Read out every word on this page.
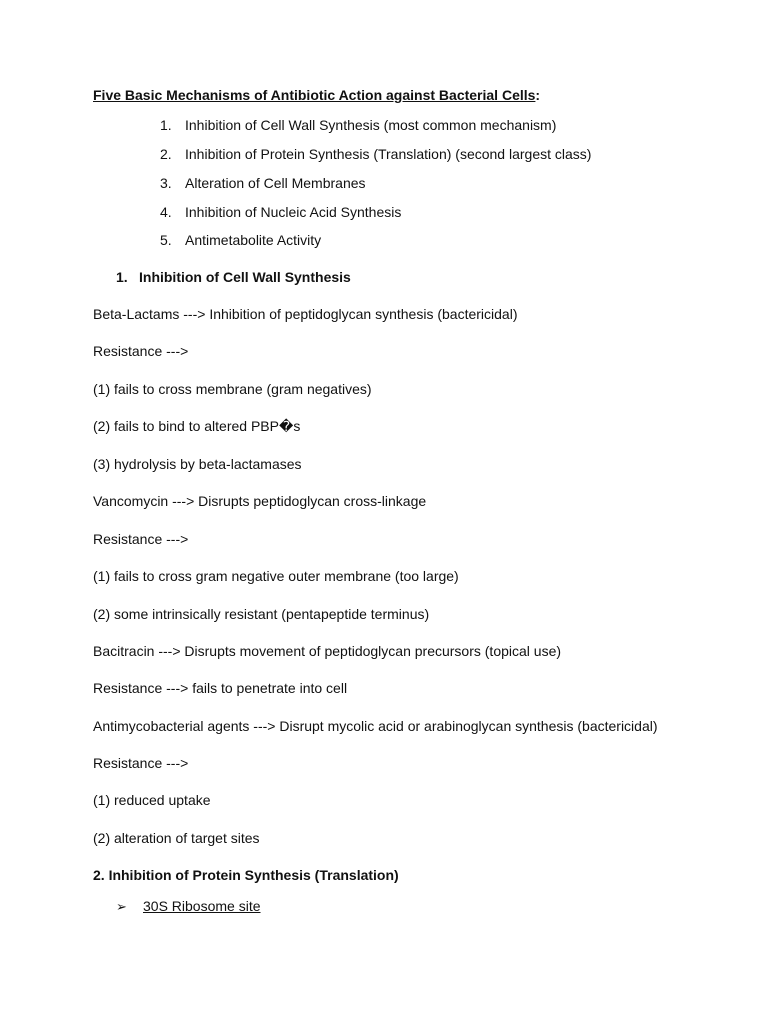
Five Basic Mechanisms of Antibiotic Action against Bacterial Cells:
1. Inhibition of Cell Wall Synthesis (most common mechanism)
2. Inhibition of Protein Synthesis (Translation) (second largest class)
3. Alteration of Cell Membranes
4. Inhibition of Nucleic Acid Synthesis
5. Antimetabolite Activity
1. Inhibition of Cell Wall Synthesis
Beta-Lactams ---> Inhibition of peptidoglycan synthesis (bactericidal)
Resistance --->
(1) fails to cross membrane (gram negatives)
(2) fails to bind to altered PBP�s
(3) hydrolysis by beta-lactamases
Vancomycin ---> Disrupts peptidoglycan cross-linkage
Resistance --->
(1) fails to cross gram negative outer membrane (too large)
(2) some intrinsically resistant (pentapeptide terminus)
Bacitracin ---> Disrupts movement of peptidoglycan precursors (topical use)
Resistance ---> fails to penetrate into cell
Antimycobacterial agents ---> Disrupt mycolic acid or arabinoglycan synthesis (bactericidal)
Resistance --->
(1) reduced uptake
(2) alteration of target sites
2. Inhibition of Protein Synthesis (Translation)
➢ 30S Ribosome site
